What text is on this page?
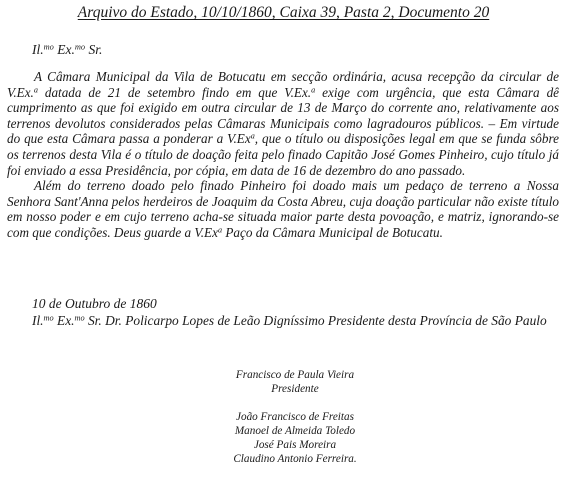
Arquivo do Estado, 10/10/1860, Caixa 39, Pasta 2, Documento 20
Il.$^{mo}$ Ex.$^{mo}$ Sr.

A Câmara Municipal da Vila de Botucatu em secção ordinária, acusa recepção da circular de V.Ex.$^a$ datada de 21 de setembro findo em que V.Ex.$^a$ exige com urgência, que esta Câmara dê cumprimento as que foi exigido em outra circular de 13 de Março do corrente ano, relativamente aos terrenos devolutos considerados pelas Câmaras Municipais como lagradouros públicos. – Em virtude do que esta Câmara passa a ponderar a V.Ex$^a$, que o título ou disposições legal em que se funda sôbre os terrenos desta Vila é o título de doação feita pelo finado Capitão José Gomes Pinheiro, cujo título já foi enviado a essa Presidência, por cópia, em data de 16 de dezembro do ano passado.

Além do terreno doado pelo finado Pinheiro foi doado mais um pedaço de terreno a Nossa Senhora Sant'Anna pelos herdeiros de Joaquim da Costa Abreu, cuja doação particular não existe título em nosso poder e em cujo terreno acha-se situada maior parte desta povoação, e matriz, ignorando-se com que condições. Deus guarde a V.Ex$^a$ Paço da Câmara Municipal de Botucatu.

10 de Outubro de 1860
Il.$^{mo}$ Ex.$^{mo}$ Sr. Dr. Policarpo Lopes de Leão Digníssimo Presidente desta Província de São Paulo
Francisco de Paula Vieira
Presidente
João Francisco de Freitas
Manoel de Almeida Toledo
José Pais Moreira
Claudino Antonio Ferreira.
